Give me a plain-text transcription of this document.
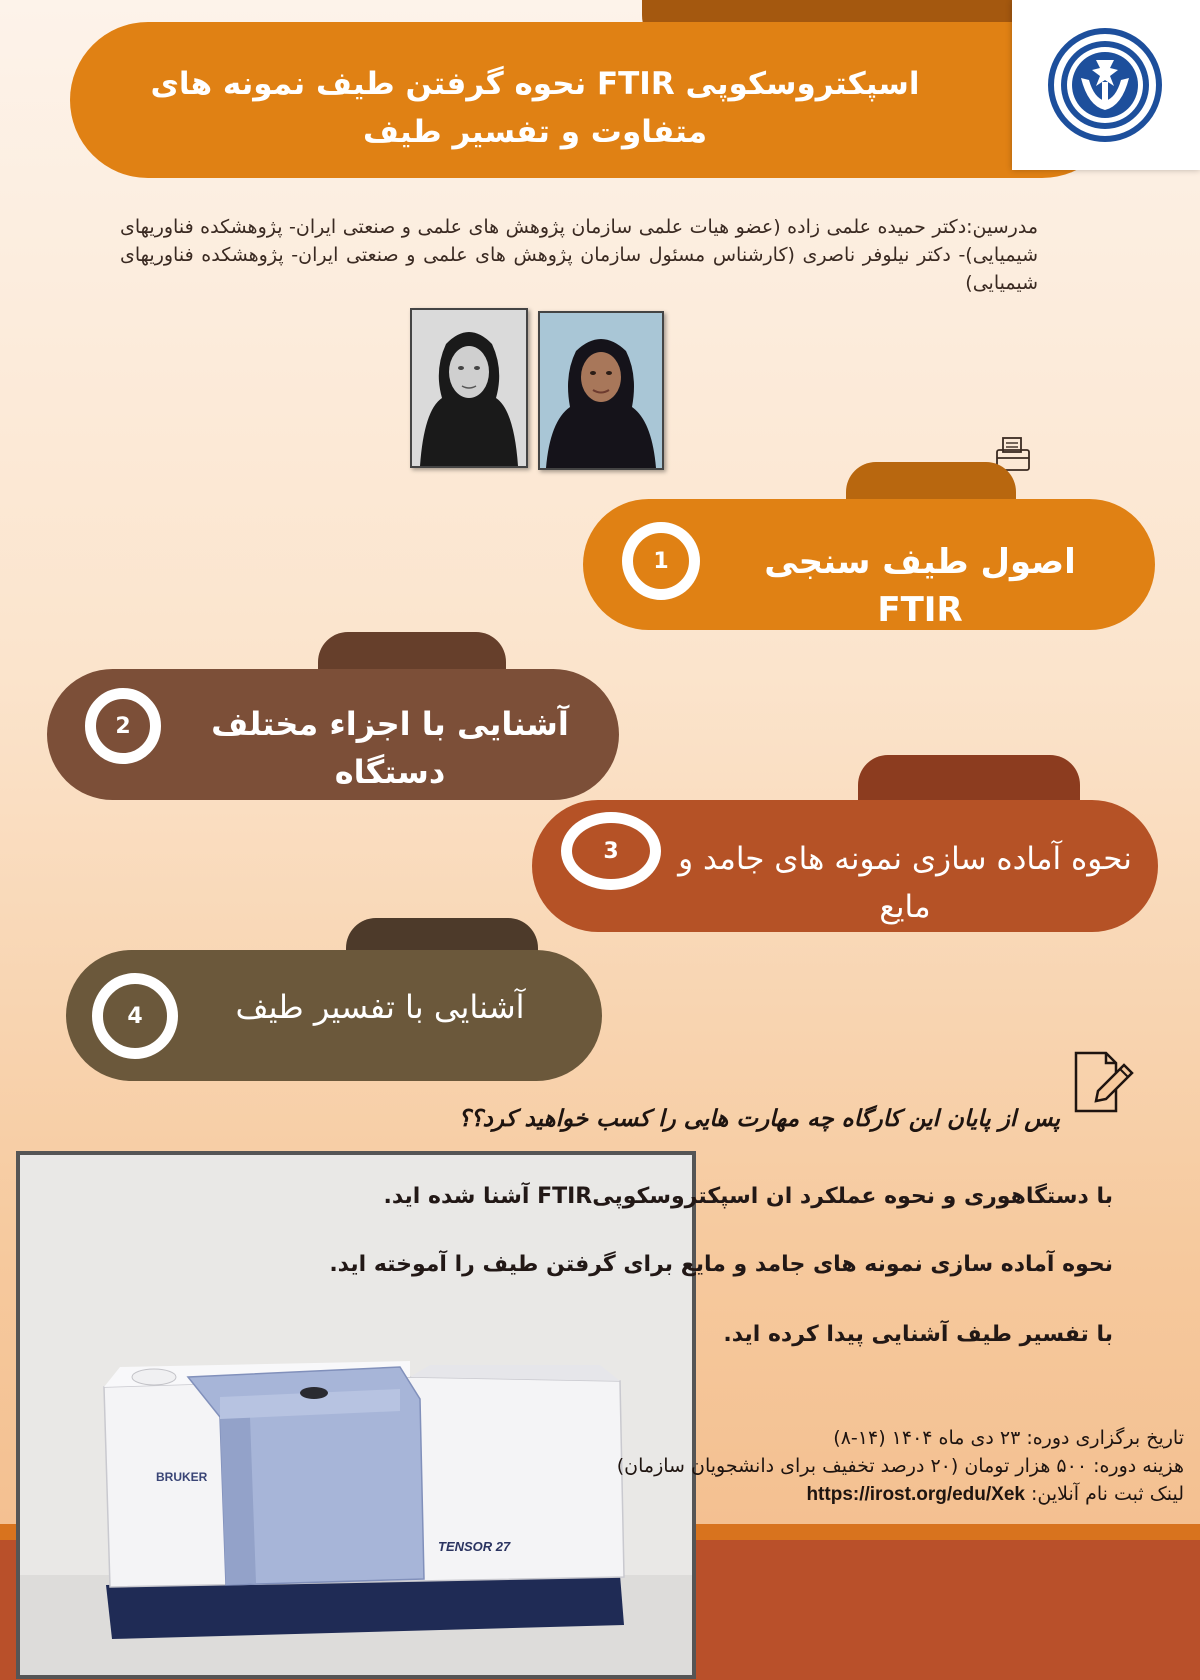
اسپکتروسکوپی FTIR نحوه گرفتن طیف نمونه های
متفاوت و تفسیر طیف
مدرسین:دکتر حمیده علمی زاده (عضو هیات علمی سازمان پژوهش های علمی و صنعتی ایران- پژوهشکده فناوریهای شیمیایی)- دکتر نیلوفر ناصری (کارشناس مسئول سازمان پژوهش های علمی و صنعتی ایران- پژوهشکده فناوریهای شیمیایی)
1	اصول طیف سنجی FTIR
2	آشنایی با اجزاء مختلف دستگاه
3	نحوه آماده سازی نمونه های جامد و مایع
4	آشنایی با تفسیر طیف
پس از پایان این کارگاه چه مهارت هایی را کسب خواهید کرد؟؟
BRUKER
TENSOR 27
با دستگاهوری و نحوه عملکرد ان اسپکتروسکوپیFTIR آشنا شده اید.
نحوه آماده سازی نمونه های جامد و مایع برای گرفتن طیف را آموخته اید.
با تفسیر طیف آشنایی پیدا کرده اید.
تاریخ برگزاری دوره: ۲۳ دی ماه ۱۴۰۴ (۱۴-۸)
هزینه دوره: ۵۰۰ هزار تومان (۲۰ درصد تخفیف برای دانشجویان سازمان)
لینک ثبت نام آنلاین: https://irost.org/edu/Xek
